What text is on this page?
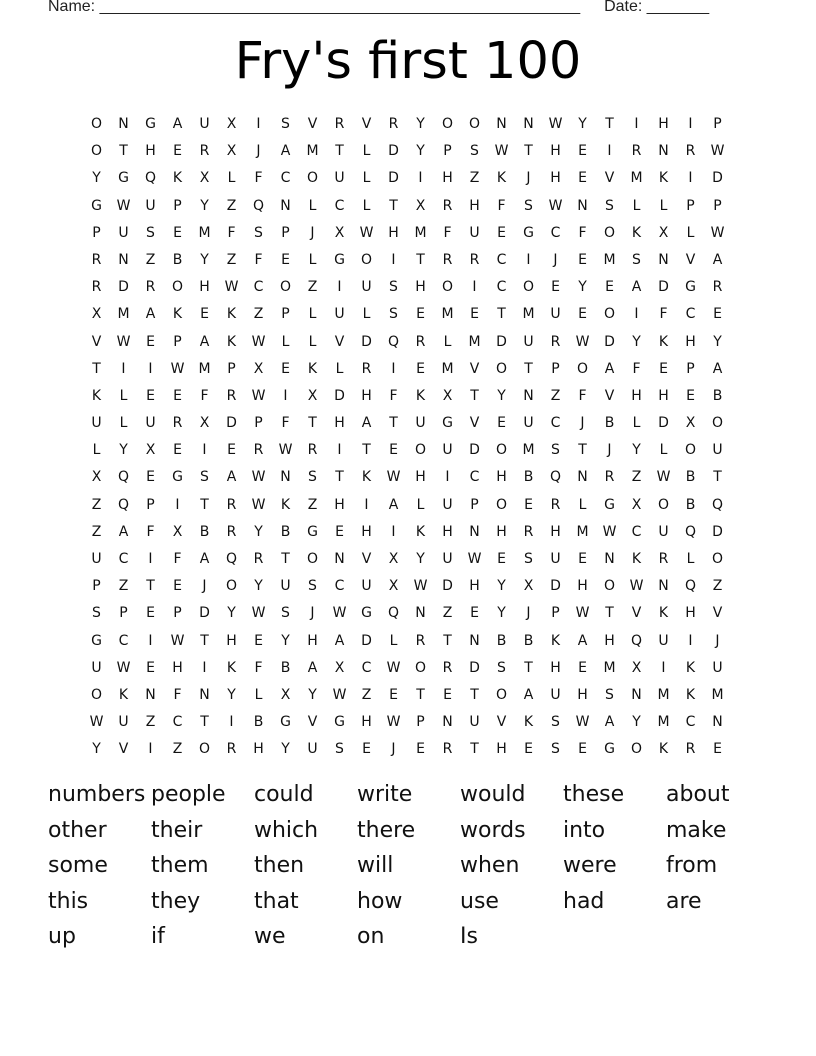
Name: ______________________________________________________ Date: _______
Fry's first 100
O	N	G	A	U	X	I	S	V	R	V	R	Y	O	O	N	N	W	Y	T	I	H	I	P
O	T	H	E	R	X	J	A	M	T	L	D	Y	P	S	W	T	H	E	I	R	N	R	W
Y	G	Q	K	X	L	F	C	O	U	L	D	I	H	Z	K	J	H	E	V	M	K	I	D
G	W	U	P	Y	Z	Q	N	L	C	L	T	X	R	H	F	S	W	N	S	L	L	P	P
P	U	S	E	M	F	S	P	J	X	W	H	M	F	U	E	G	C	F	O	K	X	L	W
R	N	Z	B	Y	Z	F	E	L	G	O	I	T	R	R	C	I	J	E	M	S	N	V	A
R	D	R	O	H	W	C	O	Z	I	U	S	H	O	I	C	O	E	Y	E	A	D	G	R
X	M	A	K	E	K	Z	P	L	U	L	S	E	M	E	T	M	U	E	O	I	F	C	E
V	W	E	P	A	K	W	L	L	V	D	Q	R	L	M	D	U	R	W	D	Y	K	H	Y
T	I	I	W	M	P	X	E	K	L	R	I	E	M	V	O	T	P	O	A	F	E	P	A
K	L	E	E	F	R	W	I	X	D	H	F	K	X	T	Y	N	Z	F	V	H	H	E	B
U	L	U	R	X	D	P	F	T	H	A	T	U	G	V	E	U	C	J	B	L	D	X	O
L	Y	X	E	I	E	R	W	R	I	T	E	O	U	D	O	M	S	T	J	Y	L	O	U
X	Q	E	G	S	A	W	N	S	T	K	W	H	I	C	H	B	Q	N	R	Z	W	B	T
Z	Q	P	I	T	R	W	K	Z	H	I	A	L	U	P	O	E	R	L	G	X	O	B	Q
Z	A	F	X	B	R	Y	B	G	E	H	I	K	H	N	H	R	H	M	W	C	U	Q	D
U	C	I	F	A	Q	R	T	O	N	V	X	Y	U	W	E	S	U	E	N	K	R	L	O
P	Z	T	E	J	O	Y	U	S	C	U	X	W	D	H	Y	X	D	H	O	W	N	Q	Z
S	P	E	P	D	Y	W	S	J	W	G	Q	N	Z	E	Y	J	P	W	T	V	K	H	V
G	C	I	W	T	H	E	Y	H	A	D	L	R	T	N	B	B	K	A	H	Q	U	I	J
U	W	E	H	I	K	F	B	A	X	C	W	O	R	D	S	T	H	E	M	X	I	K	U
O	K	N	F	N	Y	L	X	Y	W	Z	E	T	E	T	O	A	U	H	S	N	M	K	M
W	U	Z	C	T	I	B	G	V	G	H	W	P	N	U	V	K	S	W	A	Y	M	C	N
Y	V	I	Z	O	R	H	Y	U	S	E	J	E	R	T	H	E	S	E	G	O	K	R	E
numbers people	could	write	would	these	about
other	their	which	there	words	into	make
some	them	then	will	when	were	from
this	they	that	how	use	had	are
up	if	we	on	Is
